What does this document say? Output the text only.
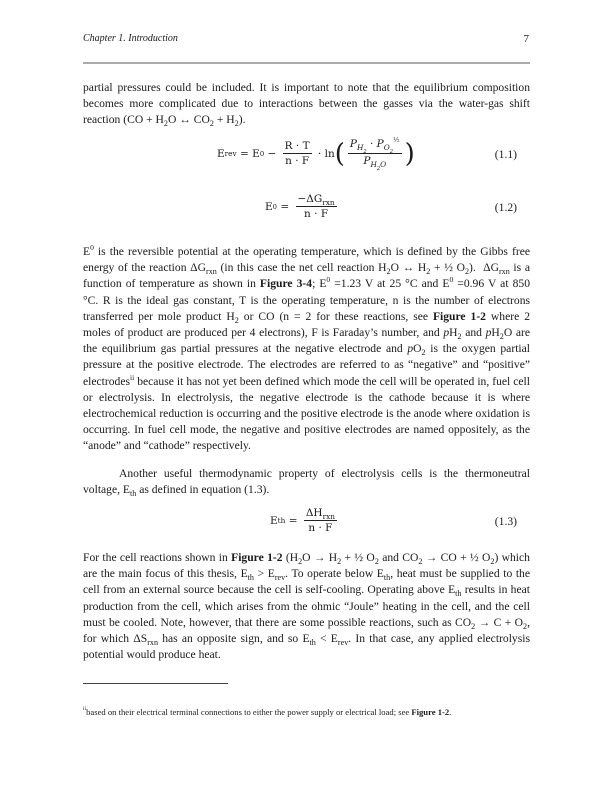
Chapter 1. Introduction	7
partial pressures could be included. It is important to note that the equilibrium composition
becomes more complicated due to interactions between the gasses via the water-gas shift
reaction ($CO + H_2O$ ↔ $CO_2 + H_2$).
E rev = E $0 - \frac{R \cdot T}{n \cdot F} \cdot \ln$ ( $\frac{P_{H_2} \cdot P_{O_2}^{\frac{1}{2}}}{P_{H_2O}}$ )	(1.1)
E $0 = \frac{-\Delta G_{rxn}}{n \cdot F}$	(1.2)
$E^0$ is the reversible potential at the operating temperature, which is defined by the Gibbs free
energy of the reaction $\Delta G_{rxn}$ (in this case the net cell reaction $H_2O$ ↔ $H_2$ + ½ $O_2$).  $\Delta G_{rxn}$ is a
function of temperature as shown in Figure 3-4; $E^0 =1.23$ V at 25 °C and $E^0 =0.96$ V at 850
°C. R is the ideal gas constant, T is the operating temperature, n is the number of electrons
transferred per mole product $H_2$ or CO (n = 2 for these reactions, see Figure 1-2 where 2
moles of product are produced per 4 electrons), F is Faraday’s number, and $pH_2$ and $pH_2O$ are
the equilibrium gas partial pressures at the negative electrode and $pO_2$ is the oxygen partial
pressure at the positive electrode. The electrodes are referred to as “negative” and “positive”
electrodes$^{ii}$ because it has not yet been defined which mode the cell will be operated in, fuel cell
or electrolysis. In electrolysis, the negative electrode is the cathode because it is where
electrochemical reduction is occurring and the positive electrode is the anode where oxidation is
occurring. In fuel cell mode, the negative and positive electrodes are named oppositely, as the
“anode” and “cathode” respectively.
Another useful thermodynamic property of electrolysis cells is the thermoneutral
voltage, $E_{th}$ as defined in equation (1.3).
E th = $\frac{\Delta H_{rxn}}{n \cdot F}$	(1.3)
For the cell reactions shown in Figure 1-2 ($H_2O \to H_2$ + ½ $O_2$ and $CO_2$ → CO + ½ $O_2$) which
are the main focus of this thesis, $E_{th} > E_{rev}$. To operate below $E_{th}$, heat must be supplied to the
cell from an external source because the cell is self-cooling. Operating above $E_{th}$ results in heat
production from the cell, which arises from the ohmic “Joule” heating in the cell, and the cell
must be cooled. Note, however, that there are some possible reactions, such as $CO_2 \to C + O_2$,
for which $\Delta S_{rxn}$ has an opposite sign, and so $E_{th} < E_{rev}$. In that case, any applied electrolysis
potential would produce heat.
$^{ii}$based on their electrical terminal connections to either the power supply or electrical load; see Figure 1-2.
